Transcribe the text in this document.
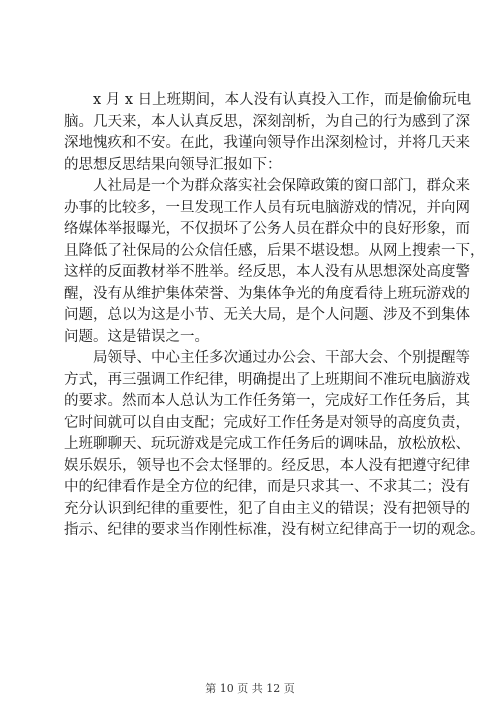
x 月 x 日上班期间，本人没有认真投入工作，而是偷偷玩电
脑。几天来，本人认真反思，深刻剖析，为自己的行为感到了深
深地愧疚和不安。在此，我谨向领导作出深刻检讨，并将几天来
的思想反思结果向领导汇报如下：
人社局是一个为群众落实社会保障政策的窗口部门，群众来
办事的比较多，一旦发现工作人员有玩电脑游戏的情况，并向网
络媒体举报曝光，不仅损坏了公务人员在群众中的良好形象，而
且降低了社保局的公众信任感，后果不堪设想。从网上搜索一下，
这样的反面教材举不胜举。经反思，本人没有从思想深处高度警
醒，没有从维护集体荣誉、为集体争光的角度看待上班玩游戏的
问题，总以为这是小节、无关大局，是个人问题、涉及不到集体
问题。这是错误之一。
局领导、中心主任多次通过办公会、干部大会、个别提醒等
方式，再三强调工作纪律，明确提出了上班期间不准玩电脑游戏
的要求。然而本人总认为工作任务第一，完成好工作任务后，其
它时间就可以自由支配；完成好工作任务是对领导的高度负责，
上班聊聊天、玩玩游戏是完成工作任务后的调味品，放松放松、
娱乐娱乐，领导也不会太怪罪的。经反思，本人没有把遵守纪律
中的纪律看作是全方位的纪律，而是只求其一、不求其二；没有
充分认识到纪律的重要性，犯了自由主义的错误；没有把领导的
指示、纪律的要求当作刚性标准，没有树立纪律高于一切的观念。
第 10 页 共 12 页
